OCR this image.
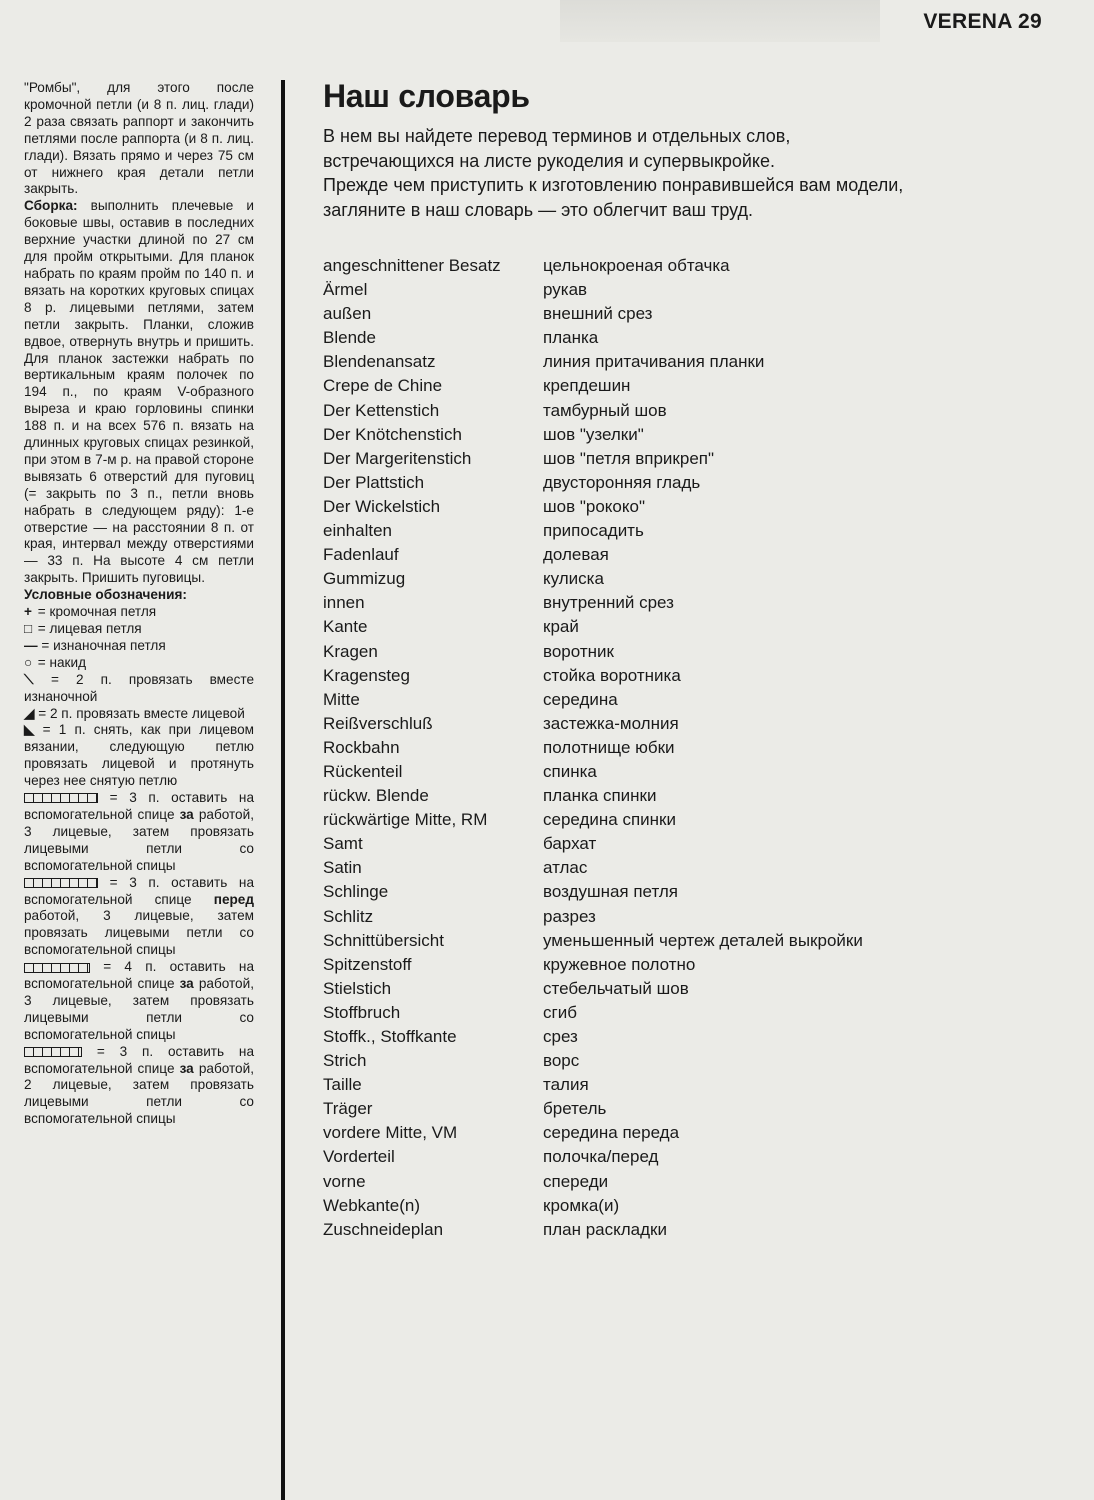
VERENA 29

"Ромбы", для этого после кромочной петли (и 8 п. лиц. глади) 2 раза связать раппорт и закончить петлями после раппорта (и 8 п. лиц. глади). Вязать прямо и через 75 см от нижнего края детали петли закрыть.

Сборка: выполнить плечевые и боковые швы, оставив в последних верхние участки длиной по 27 см для пройм открытыми. Для планок набрать по краям пройм по 140 п. и вязать на коротких круговых спицах 8 р. лицевыми петлями, затем петли закрыть. Планки, сложив вдвое, отвернуть внутрь и пришить. Для планок застежки набрать по вертикальным краям полочек по 194 п., по краям V-образного выреза и краю горловины спинки 188 п. и на всех 576 п. вязать на длинных круговых спицах резинкой, при этом в 7-м р. на правой стороне вывязать 6 отверстий для пуговиц (= закрыть по 3 п., петли вновь набрать в следующем ряду): 1-е отверстие — на расстоянии 8 п. от края, интервал между отверстиями — 33 п. На высоте 4 см петли закрыть. Пришить пуговицы.

Условные обозначения:

+ = кромочная петля

□ = лицевая петля

— = изнаночная петля

○ = накид

⟍ = 2 п. провязать вместе изнаночной

◢ = 2 п. провязать вместе лицевой

◣ = 1 п. снять, как при лицевом вязании, следующую петлю провязать лицевой и протянуть через нее снятую петлю

= 3 п. оставить на вспомогательной спице за работой, 3 лицевые, затем провязать лицевыми петли со вспомогательной спицы

= 3 п. оставить на вспомогательной спице перед работой, 3 лицевые, затем провязать лицевыми петли со вспомогательной спицы

= 4 п. оставить на вспомогательной спице за работой, 3 лицевые, затем провязать лицевыми петли со вспомогательной спицы

= 3 п. оставить на вспомогательной спице за работой, 2 лицевые, затем провязать лицевыми петли со вспомогательной спицы

Наш словарь

В нем вы найдете перевод терминов и отдельных слов,

встречающихся на листе рукоделия и супервыкройке.

Прежде чем приступить к изготовлению понравившейся вам модели,

загляните в наш словарь — это облегчит ваш труд.

angeschnittener Besatz	цельнокроеная обтачка
Ärmel	рукав
außen	внешний срез
Blende	планка
Blendenansatz	линия притачивания планки
Crepe de Chine	крепдешин
Der Kettenstich	тамбурный шов
Der Knötchenstich	шов "узелки"
Der Margeritenstich	шов "петля вприкреп"
Der Plattstich	двусторонняя гладь
Der Wickelstich	шов "рококо"
einhalten	припосадить
Fadenlauf	долевая
Gummizug	кулиска
innen	внутренний срез
Kante	край
Kragen	воротник
Kragensteg	стойка воротника
Mitte	середина
Reißverschluß	застежка-молния
Rockbahn	полотнище юбки
Rückenteil	спинка
rückw. Blende	планка спинки
rückwärtige Mitte, RM	середина спинки
Samt	бархат
Satin	атлас
Schlinge	воздушная петля
Schlitz	разрез
Schnittübersicht	уменьшенный чертеж деталей выкройки
Spitzenstoff	кружевное полотно
Stielstich	стебельчатый шов
Stoffbruch	сгиб
Stoffk., Stoffkante	срез
Strich	ворс
Taille	талия
Träger	бретель
vordere Mitte, VM	середина переда
Vorderteil	полочка/перед
vorne	спереди
Webkante(n)	кромка(и)
Zuschneideplan	план раскладки
